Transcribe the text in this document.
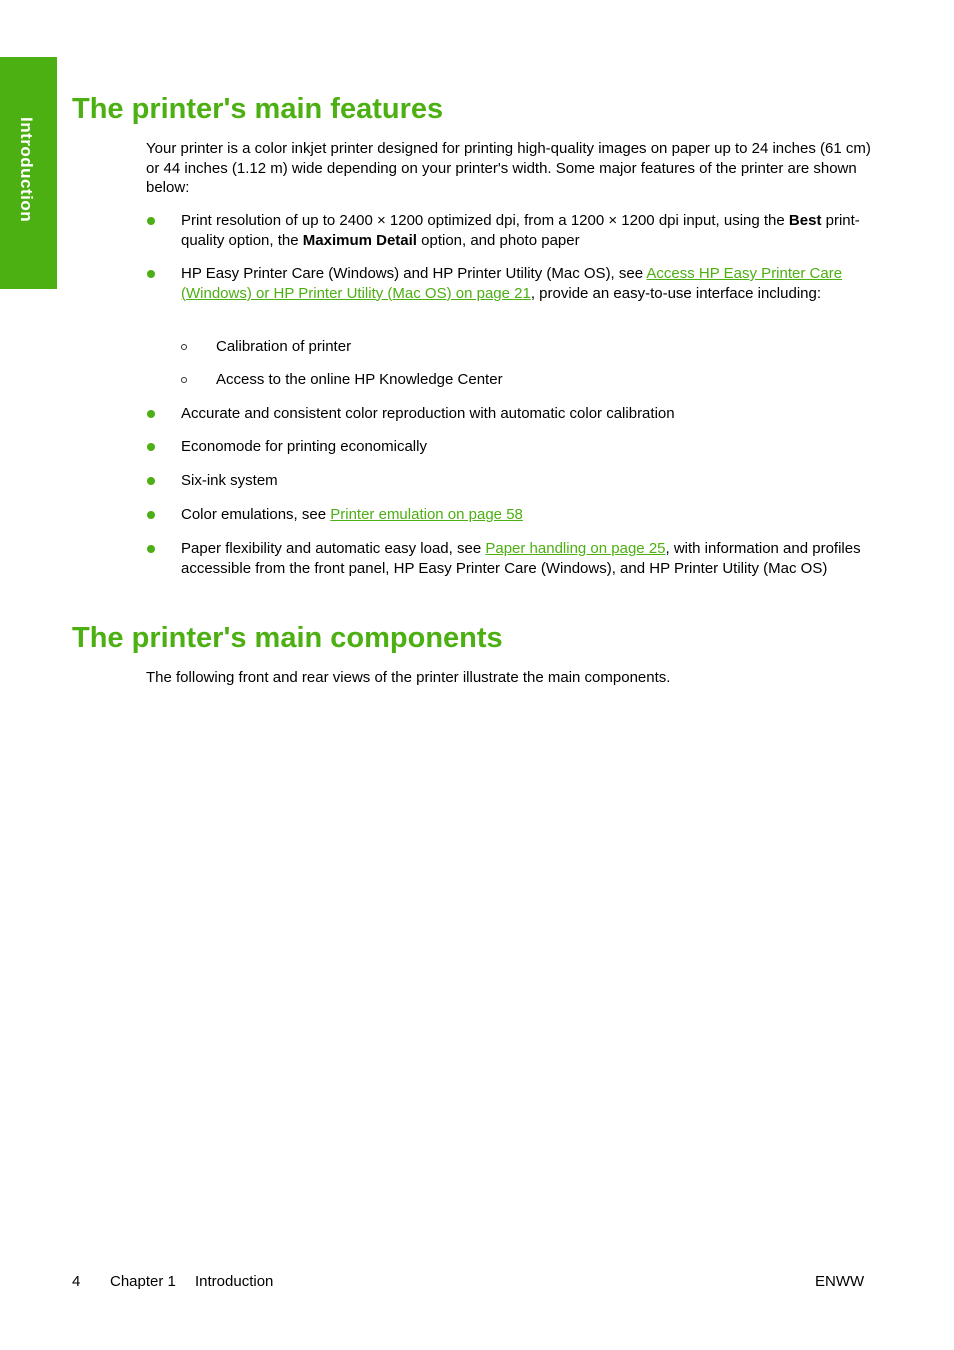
Introduction
The printer's main features
Your printer is a color inkjet printer designed for printing high-quality images on paper up to 24 inches (61 cm) or 44 inches (1.12 m) wide depending on your printer's width. Some major features of the printer are shown below:
Print resolution of up to 2400 × 1200 optimized dpi, from a 1200 × 1200 dpi input, using the Best print-quality option, the Maximum Detail option, and photo paper
HP Easy Printer Care (Windows) and HP Printer Utility (Mac OS), see Access HP Easy Printer Care (Windows) or HP Printer Utility (Mac OS) on page 21, provide an easy-to-use interface including:
Calibration of printer
Access to the online HP Knowledge Center
Accurate and consistent color reproduction with automatic color calibration
Economode for printing economically
Six-ink system
Color emulations, see Printer emulation on page 58
Paper flexibility and automatic easy load, see Paper handling on page 25, with information and profiles accessible from the front panel, HP Easy Printer Care (Windows), and HP Printer Utility (Mac OS)
The printer's main components
The following front and rear views of the printer illustrate the main components.
4 Chapter 1 Introduction	ENWW
